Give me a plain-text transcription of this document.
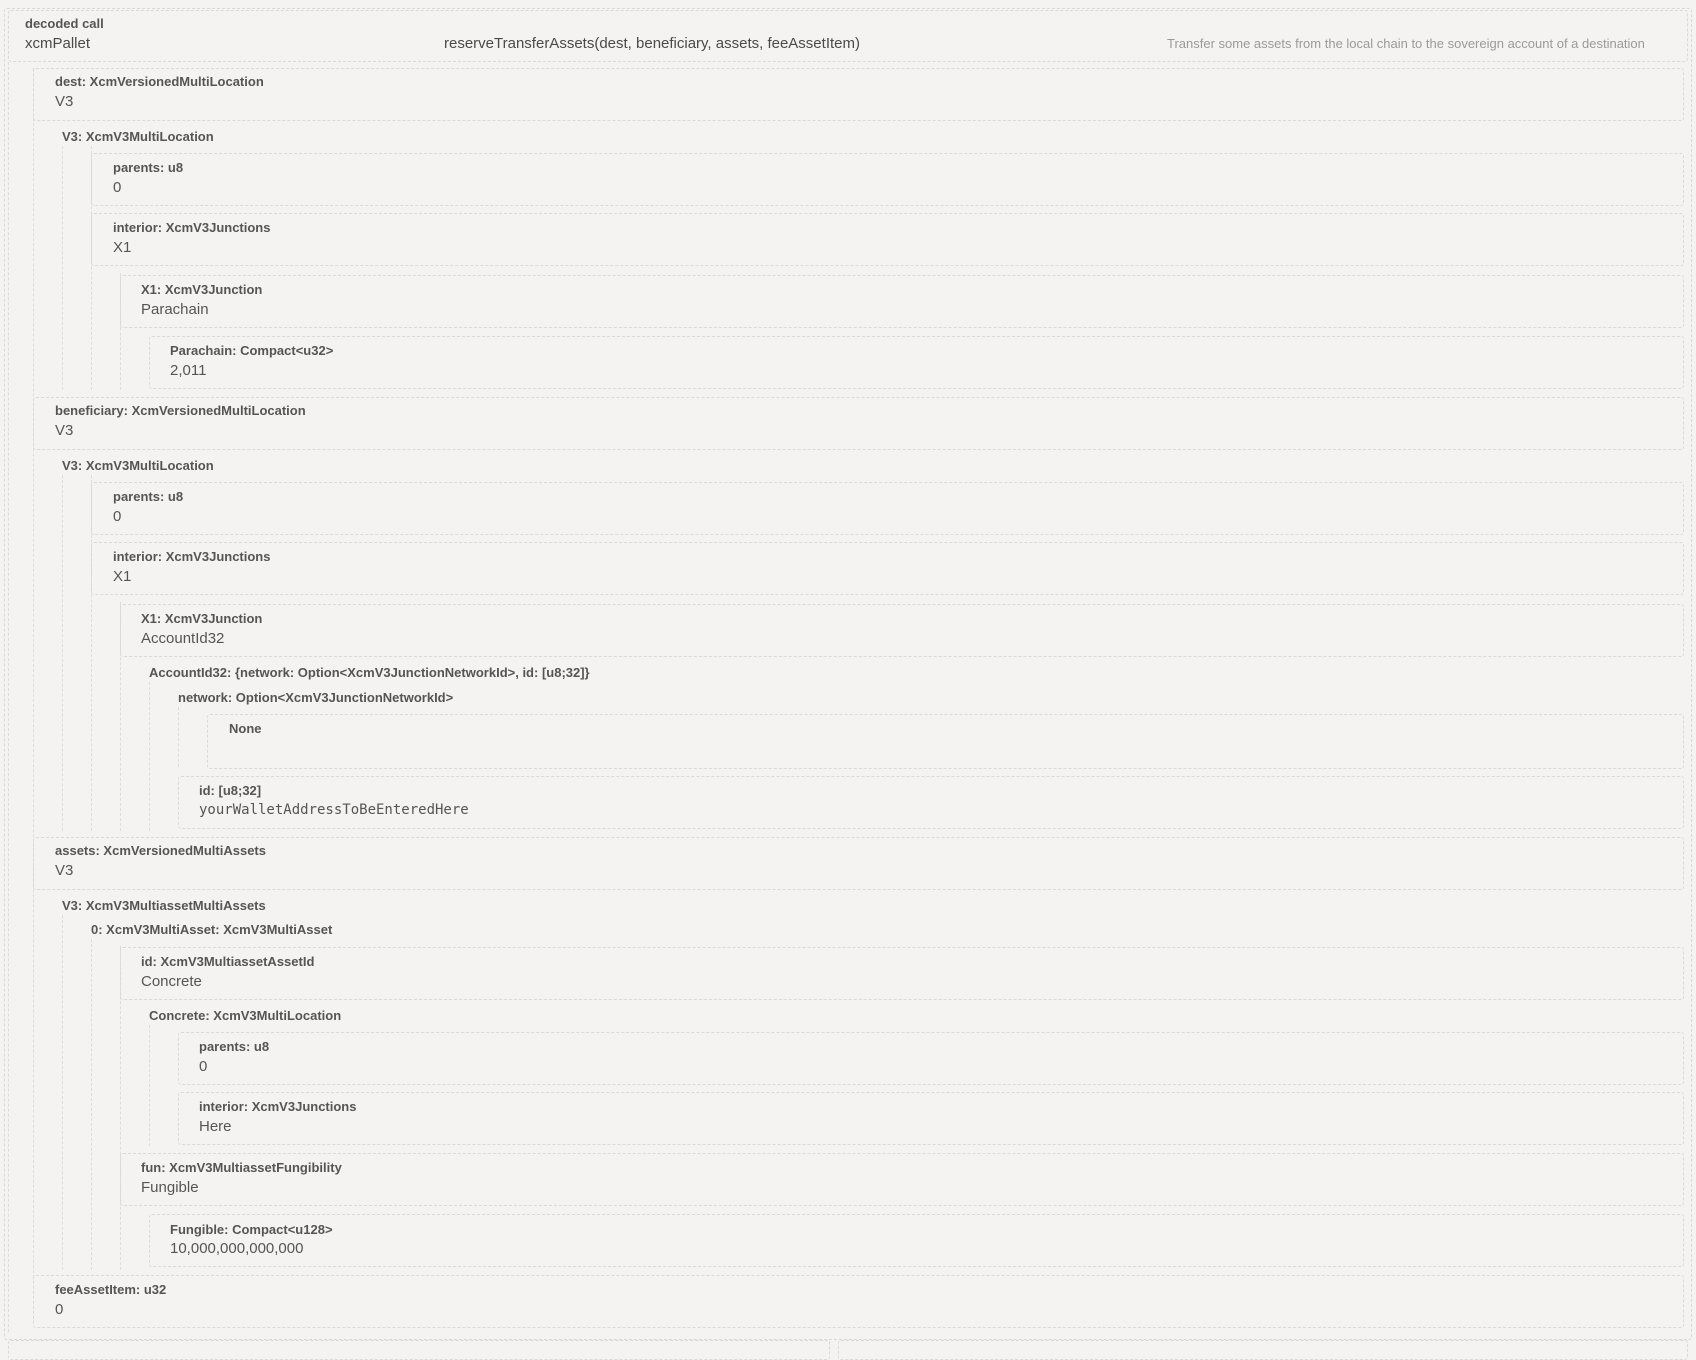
decoded call
xcmPallet	reserveTransferAssets(dest, beneficiary, assets, feeAssetItem)	Transfer some assets from the local chain to the sovereign account of a destination
dest: XcmVersionedMultiLocation
V3
V3: XcmV3MultiLocation
parents: u8
0
interior: XcmV3Junctions
X1
X1: XcmV3Junction
Parachain
Parachain: Compact<u32>
2,011
beneficiary: XcmVersionedMultiLocation
V3
V3: XcmV3MultiLocation
parents: u8
0
interior: XcmV3Junctions
X1
X1: XcmV3Junction
AccountId32
AccountId32: {network: Option<XcmV3JunctionNetworkId>, id: [u8;32]}
network: Option<XcmV3JunctionNetworkId>
None
id: [u8;32]
yourWalletAddressToBeEnteredHere
assets: XcmVersionedMultiAssets
V3
V3: XcmV3MultiassetMultiAssets
0: XcmV3MultiAsset: XcmV3MultiAsset
id: XcmV3MultiassetAssetId
Concrete
Concrete: XcmV3MultiLocation
parents: u8
0
interior: XcmV3Junctions
Here
fun: XcmV3MultiassetFungibility
Fungible
Fungible: Compact<u128>
10,000,000,000,000
feeAssetItem: u32
0
